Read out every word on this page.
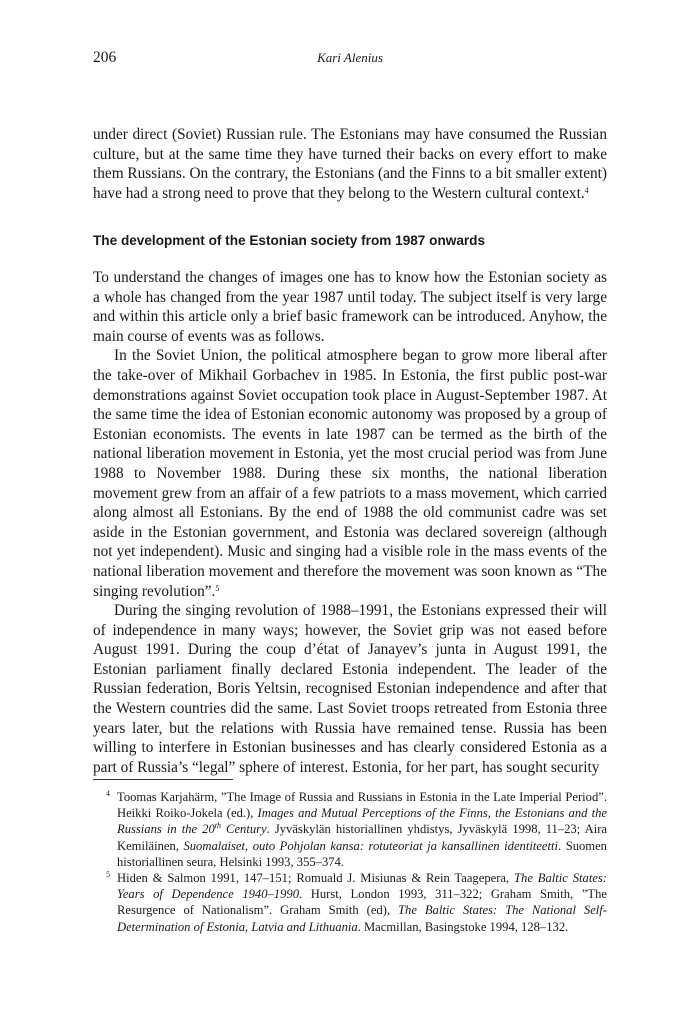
206	Kari Alenius

under direct (Soviet) Russian rule. The Estonians may have consumed the Russian culture, but at the same time they have turned their backs on every effort to make them Russians. On the contrary, the Estonians (and the Finns to a bit smaller extent) have had a strong need to prove that they belong to the Western cultural context.$^4$

The development of the Estonian society from 1987 onwards

To understand the changes of images one has to know how the Estonian society as a whole has changed from the year 1987 until today. The subject itself is very large and within this article only a brief basic framework can be introduced. Anyhow, the main course of events was as follows.

In the Soviet Union, the political atmosphere began to grow more liberal after the take-over of Mikhail Gorbachev in 1985. In Estonia, the first public post-war demonstrations against Soviet occupation took place in August-September 1987. At the same time the idea of Estonian economic autonomy was proposed by a group of Estonian economists. The events in late 1987 can be termed as the birth of the national liberation movement in Estonia, yet the most crucial period was from June 1988 to November 1988. During these six months, the national liberation movement grew from an affair of a few patriots to a mass movement, which carried along almost all Estonians. By the end of 1988 the old communist cadre was set aside in the Estonian government, and Estonia was declared sovereign (although not yet independent). Music and singing had a visible role in the mass events of the national liberation movement and therefore the movement was soon known as “The singing revolution”.$^5$

During the singing revolution of 1988–1991, the Estonians expressed their will of independence in many ways; however, the Soviet grip was not eased before August 1991. During the coup d’état of Janayev’s junta in August 1991, the Estonian parliament finally declared Estonia independent. The leader of the Russian federation, Boris Yeltsin, recognised Estonian independence and after that the Western countries did the same. Last Soviet troops retreated from Estonia three years later, but the relations with Russia have remained tense. Russia has been willing to interfere in Estonian businesses and has clearly considered Estonia as a part of Russia’s “legal” sphere of interest. Estonia, for her part, has sought security

4 Toomas Karjahärm, ”The Image of Russia and Russians in Estonia in the Late Imperial Period”. Heikki Roiko-Jokela (ed.), Images and Mutual Perceptions of the Finns, the Estonians and the Russians in the 20th Century. Jyväskylän historiallinen yhdistys, Jyväskylä 1998, 11–23; Aira Kemiläinen, Suomalaiset, outo Pohjolan kansa: rotuteoriat ja kansallinen identiteetti. Suomen historiallinen seura, Helsinki 1993, 355–374.

5 Hiden & Salmon 1991, 147–151; Romuald J. Misiunas & Rein Taagepera, The Baltic States: Years of Dependence 1940–1990. Hurst, London 1993, 311–322; Graham Smith, ”The Resurgence of Nationalism”. Graham Smith (ed), The Baltic States: The National Self-Determination of Estonia, Latvia and Lithuania. Macmillan, Basingstoke 1994, 128–132.
